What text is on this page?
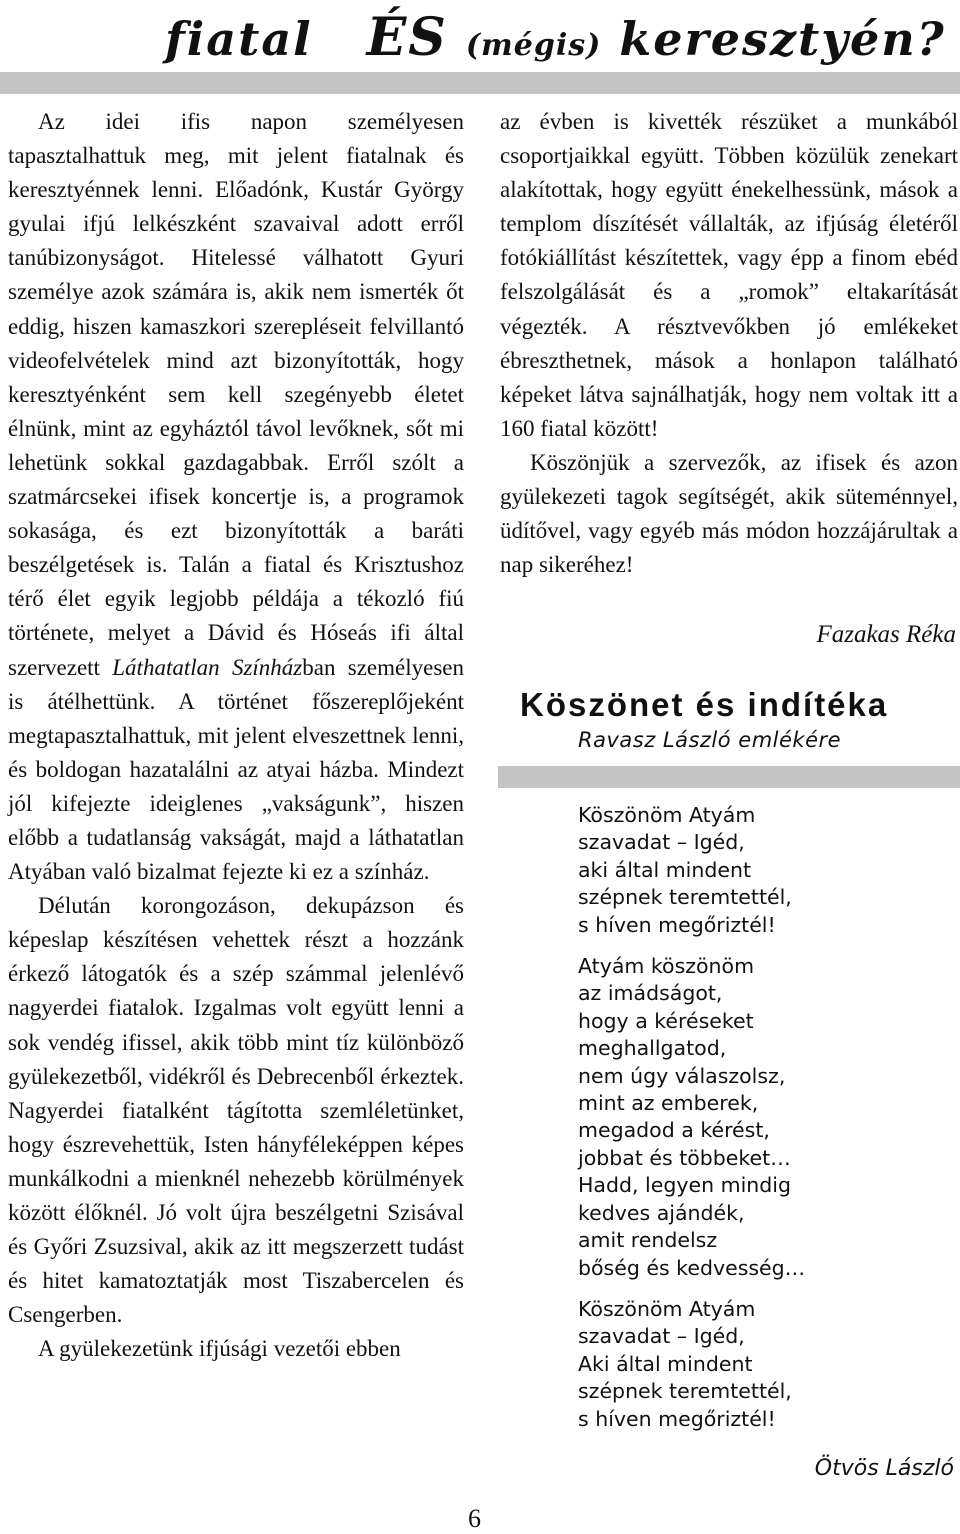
fiatal ÉS (mégis) keresztyén?

Az idei ifis napon személyesen tapasztalhattuk meg, mit jelent fiatalnak és keresztyénnek lenni. Előadónk, Kustár György gyulai ifjú lelkészként szavaival adott erről tanúbizonyságot. Hitelessé válhatott Gyuri személye azok számára is, akik nem ismerték őt eddig, hiszen kamaszkori szerepléseit felvillantó videofelvételek mind azt bizonyították, hogy keresztyénként sem kell szegényebb életet élnünk, mint az egyháztól távol levőknek, sőt mi lehetünk sokkal gazdagabbak. Erről szólt a szatmárcsekei ifisek koncertje is, a programok sokasága, és ezt bizonyították a baráti beszélgetések is. Talán a fiatal és Krisztushoz térő élet egyik legjobb példája a tékozló fiú története, melyet a Dávid és Hóseás ifi által szervezett Láthatatlan Színházban személyesen is átélhettünk. A történet főszereplőjeként megtapasztalhattuk, mit jelent elveszettnek lenni, és boldogan hazatalálni az atyai házba. Mindezt jól kifejezte ideiglenes „vakságunk”, hiszen előbb a tudatlanság vakságát, majd a láthatatlan Atyában való bizalmat fejezte ki ez a színház.

Délután korongozáson, dekupázson és képeslap készítésen vehettek részt a hozzánk érkező látogatók és a szép számmal jelenlévő nagyerdei fiatalok. Izgalmas volt együtt lenni a sok vendég ifissel, akik több mint tíz különböző gyülekezetből, vidékről és Debrecenből érkeztek. Nagyerdei fiatalként tágította szemléletünket, hogy észrevehettük, Isten hányféleképpen képes munkálkodni a mienknél nehezebb körülmények között élőknél. Jó volt újra beszélgetni Szisával és Győri Zsuzsival, akik az itt megszerzett tudást és hitet kamatoztatják most Tiszabercelen és Csengerben.

A gyülekezetünk ifjúsági vezetői ebben

az évben is kivették részüket a munkából csoportjaikkal együtt. Többen közülük zenekart alakítottak, hogy együtt énekelhessünk, mások a templom díszítését vállalták, az ifjúság életéről fotókiállítást készítettek, vagy épp a finom ebéd felszolgálását és a „romok” eltakarítását végezték. A résztvevőkben jó emlékeket ébreszthetnek, mások a honlapon található képeket látva sajnálhatják, hogy nem voltak itt a 160 fiatal között!

Köszönjük a szervezők, az ifisek és azon gyülekezeti tagok segítségét, akik süteménnyel, üdítővel, vagy egyéb más módon hozzájárultak a nap sikeréhez!

Fazakas Réka
Köszönet és indítéka
Ravasz László emlékére
Köszönöm Atyám
szavadat – Igéd,
aki által mindent
szépnek teremtettél,
s híven megőriztél!
Atyám köszönöm
az imádságot,
hogy a kéréseket
meghallgatod,
nem úgy válaszolsz,
mint az emberek,
megadod a kérést,
jobbat és többeket…
Hadd, legyen mindig
kedves ajándék,
amit rendelsz
bőség és kedvesség…
Köszönöm Atyám
szavadat – Igéd,
Aki által mindent
szépnek teremtettél,
s híven megőriztél!
Ötvös László
6
